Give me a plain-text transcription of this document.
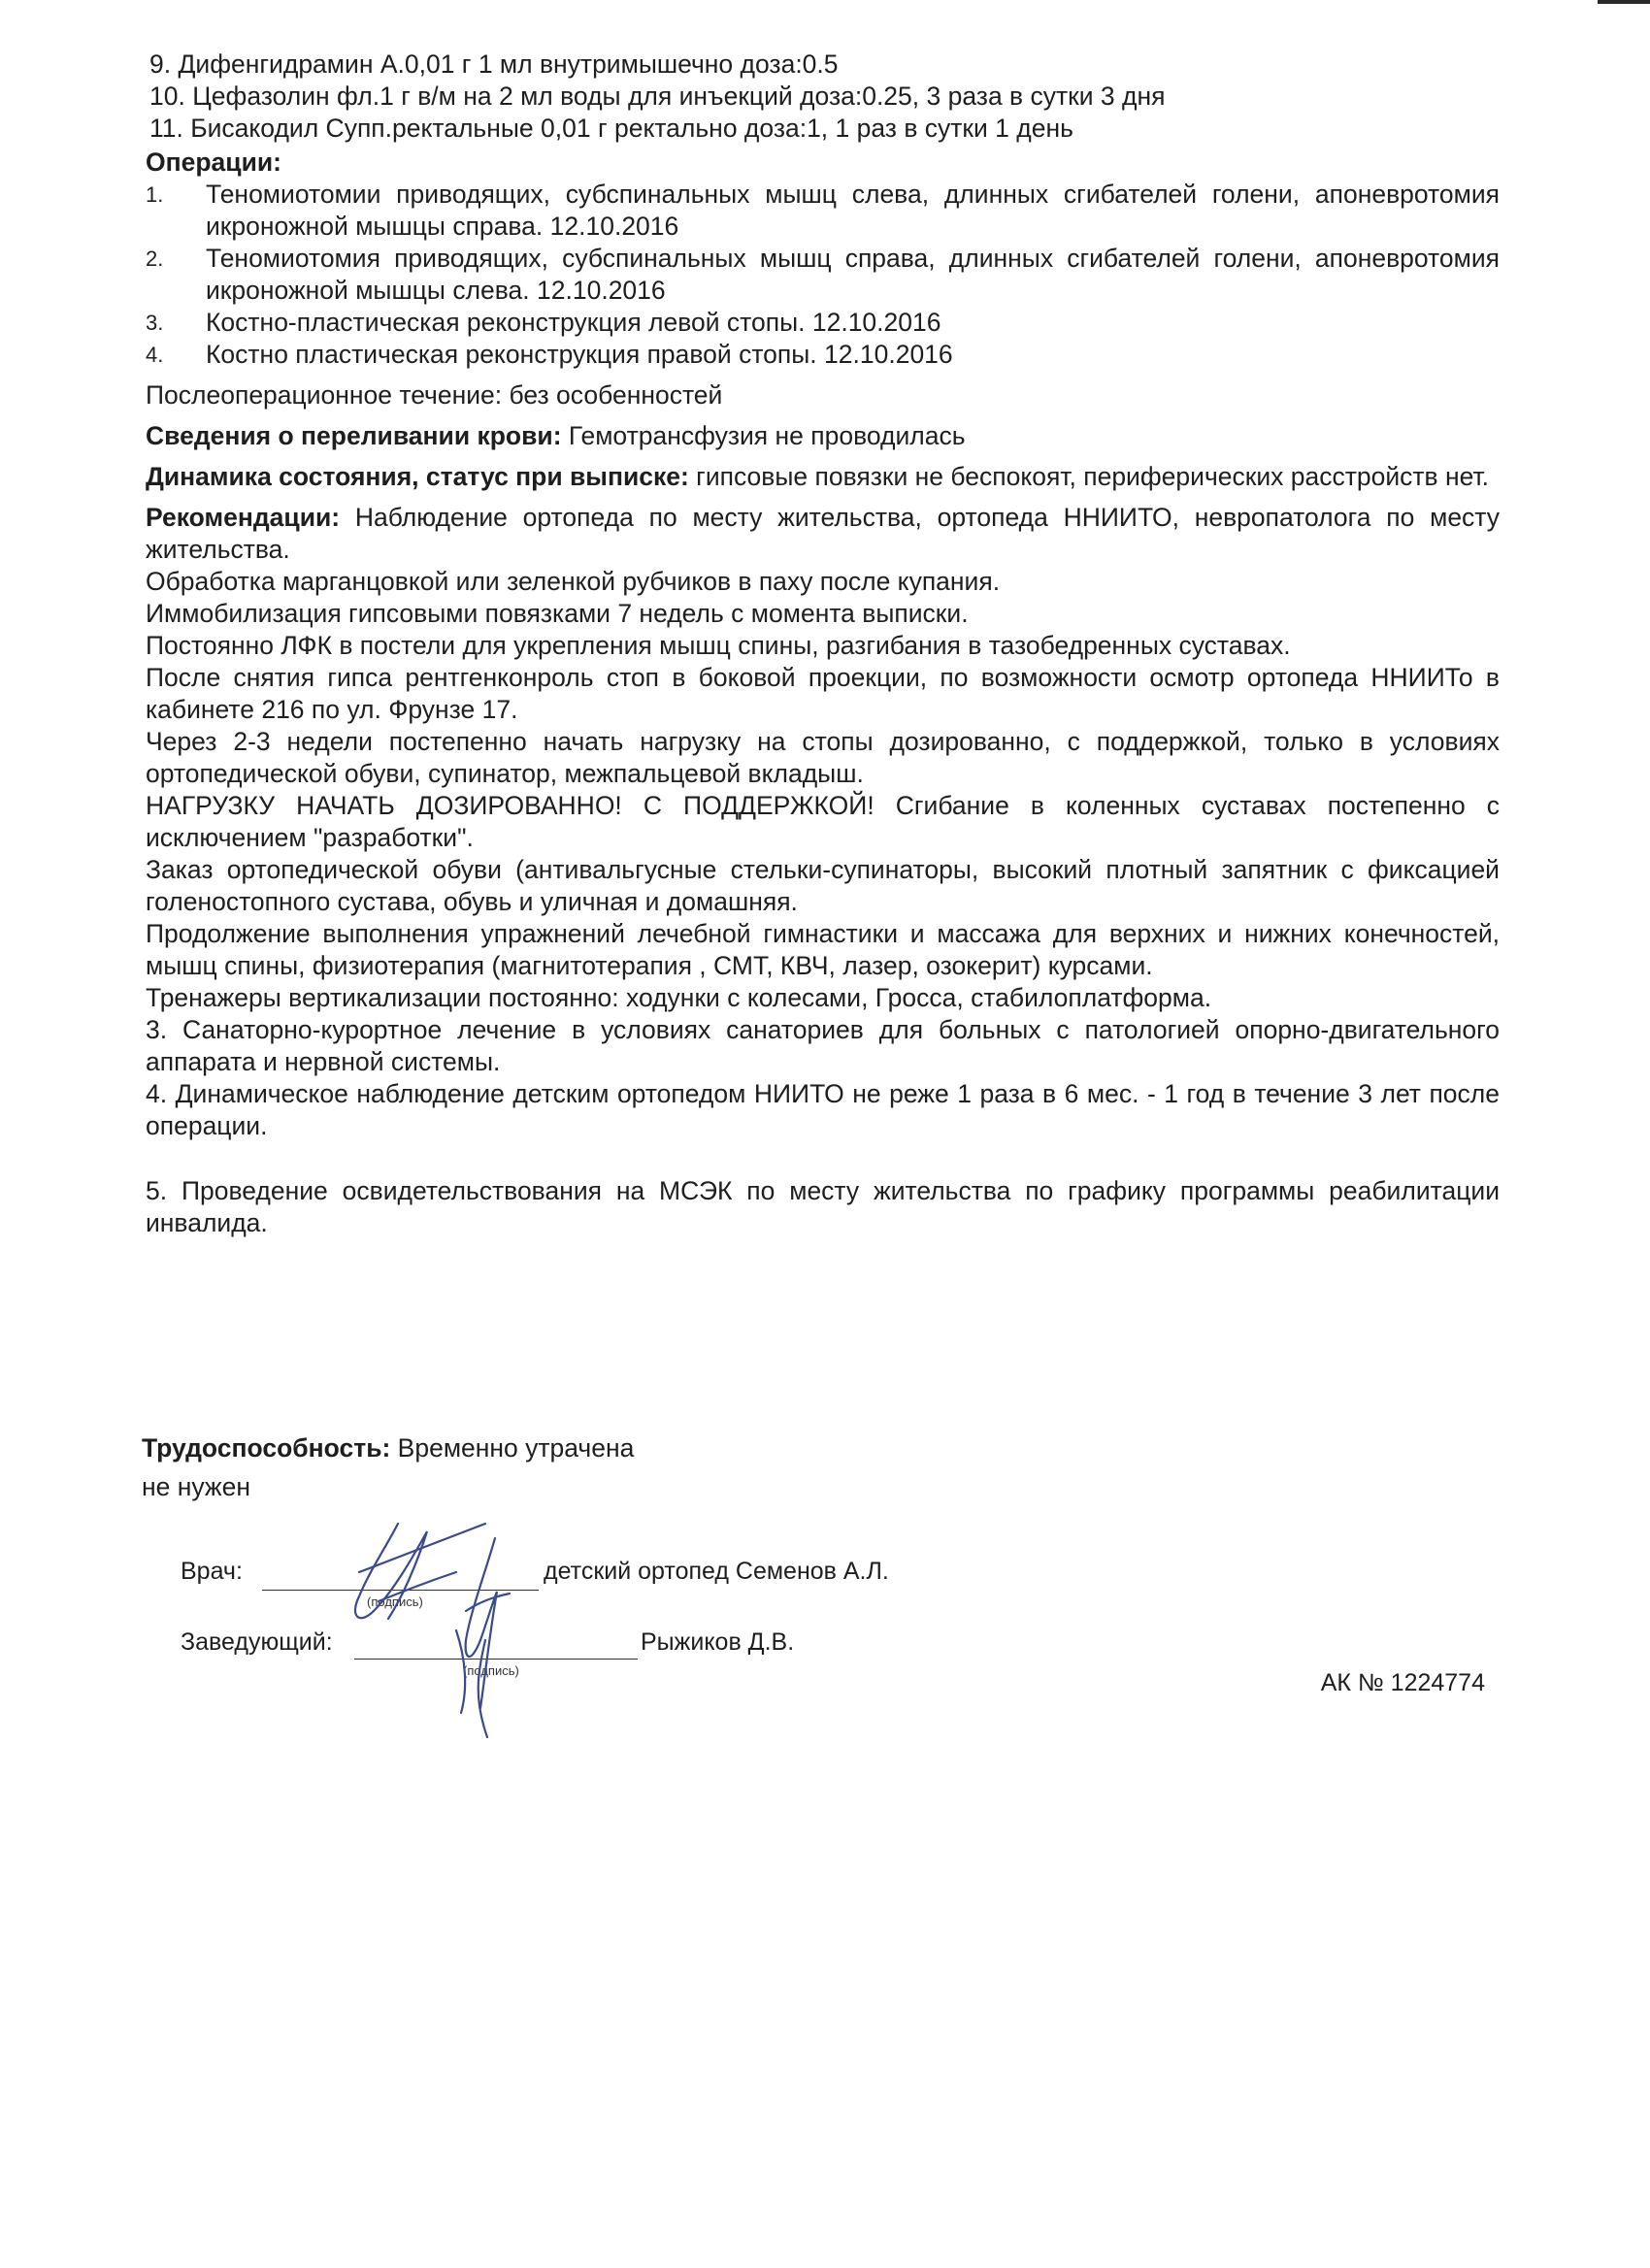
9. Дифенгидрамин А.0,01 г 1 мл внутримышечно доза:0.5
10. Цефазолин фл.1 г в/м на 2 мл воды для инъекций доза:0.25, 3 раза в сутки 3 дня
11. Бисакодил Супп.ректальные 0,01 г ректально доза:1, 1 раз в сутки 1 день
Операции:
1.	Теномиотомии приводящих, субспинальных мышц слева, длинных сгибателей голени, апоневротомия икроножной мышцы справа. 12.10.2016
2.	Теномиотомия приводящих, субспинальных мышц справа, длинных сгибателей голени, апоневротомия икроножной мышцы слева. 12.10.2016
3.	Костно-пластическая реконструкция левой стопы. 12.10.2016
4.	Костно пластическая реконструкция правой стопы. 12.10.2016
Послеоперационное течение: без особенностей
Сведения о переливании крови: Гемотрансфузия не проводилась
Динамика состояния, статус при выписке: гипсовые повязки не беспокоят, периферических расстройств нет.
Рекомендации: Наблюдение ортопеда по месту жительства, ортопеда ННИИТО, невропатолога по месту жительства.
Обработка марганцовкой или зеленкой рубчиков в паху после купания.
Иммобилизация гипсовыми повязками 7 недель с момента выписки.
Постоянно ЛФК в постели для укрепления мышц спины, разгибания в тазобедренных суставах.
После снятия гипса рентгенконроль стоп в боковой проекции, по возможности осмотр ортопеда ННИИТо в кабинете 216 по ул. Фрунзе 17.
Через 2-3 недели постепенно начать нагрузку на стопы дозированно, с поддержкой, только в условиях ортопедической обуви, супинатор, межпальцевой вкладыш.
НАГРУЗКУ НАЧАТЬ ДОЗИРОВАННО! С ПОДДЕРЖКОЙ! Сгибание в коленных суставах постепенно с исключением "разработки".
Заказ ортопедической обуви (антивальгусные стельки-супинаторы, высокий плотный запятник с фиксацией голеностопного сустава, обувь и уличная и домашняя.
Продолжение выполнения упражнений лечебной гимнастики и массажа для верхних и нижних конечностей, мышц спины, физиотерапия (магнитотерапия , СМТ, КВЧ, лазер, озокерит) курсами.
Тренажеры вертикализации постоянно: ходунки с колесами, Гросса, стабилоплатформа.
3. Санаторно-курортное лечение в условиях санаториев для больных с патологией опорно-двигательного аппарата и нервной системы.
4. Динамическое наблюдение детским ортопедом НИИТО не реже 1 раза в 6 мес. - 1 год в течение 3 лет после операции.
5. Проведение освидетельствования на МСЭК по месту жительства по графику программы реабилитации инвалида.
Трудоспособность: Временно утрачена
не нужен
Врач:
(подпись)
детский ортопед Семенов А.Л.
Заведующий:
(подпись)
Рыжиков Д.В.
АК № 1224774
